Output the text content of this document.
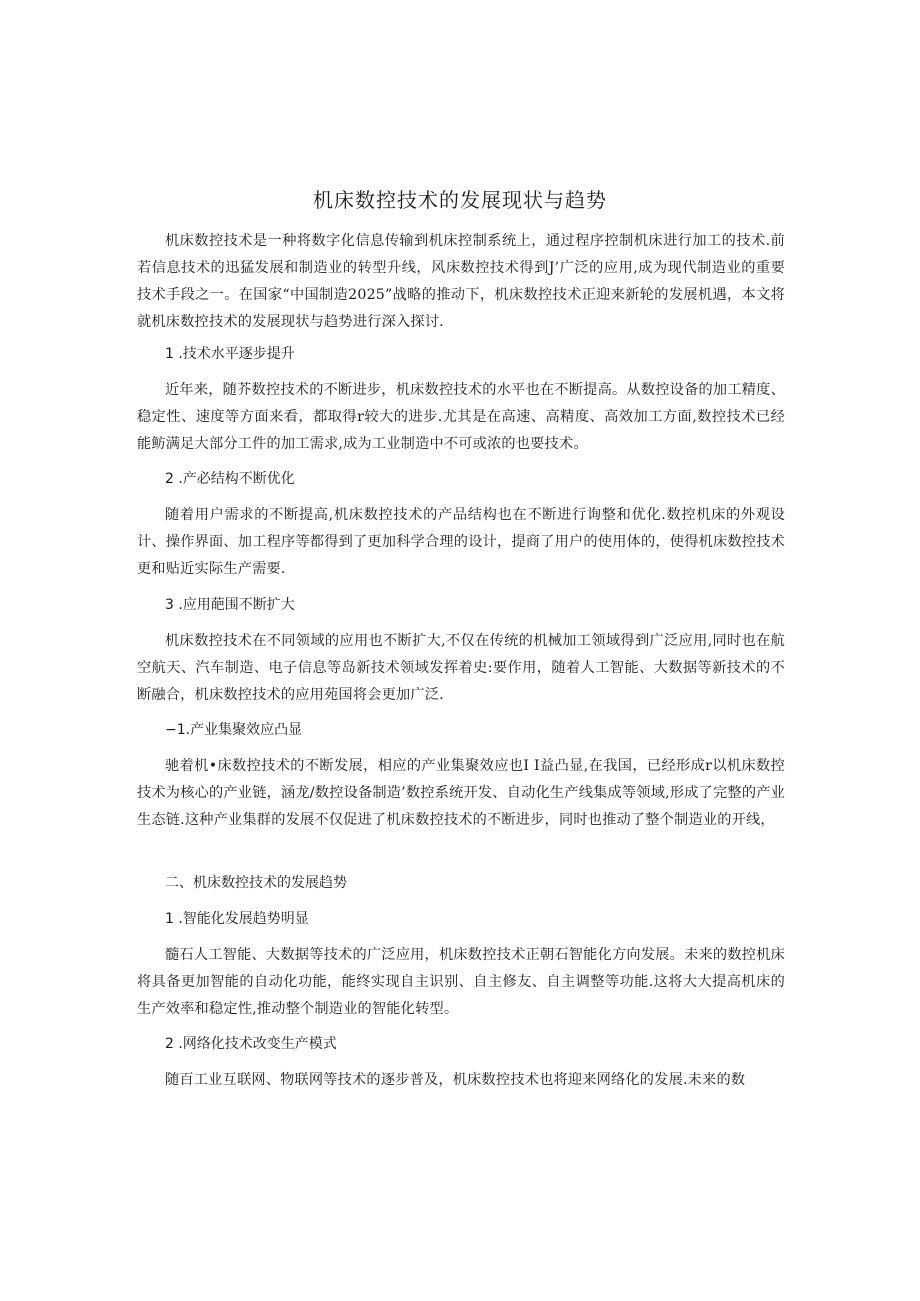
机床数控技术的发展现状与趋势

机床数控技术是一种将数字化信息传输到机床控制系统上，通过程序控制机床进行加工的技术.前若信息技术的迅猛发展和制造业的转型升线，风床数控技术得到J’广泛的应用,成为现代制造业的重要技术手段之一。在国家“中国制造2025”战略的推动下，机床数控技术正迎来新轮的发展机遇，本文将就机床数控技术的发展现状与趋势进行深入探讨.

1 .技术水平逐步提升

近年来，随芥数控技术的不断进步，机床数控技术的水平也在不断提高。从数控设备的加工精度、稳定性、速度等方面来看，都取得r较大的进步.尤其是在高速、高精度、高效加工方面,数控技术已经能鲂满足大部分工件的加工需求,成为工业制造中不可或浓的也要技术。

2 .产必结构不断优化

随着用户需求的不断提高,机床数控技术的产品结构也在不断进行询整和优化.数控机床的外观设计、操作界面、加工程序等都得到了更加科学合理的设计，提商了用户的使用体的，使得机床数控技术更和贴近实际生产需要.

3 .应用葩围不断扩大

机床数控技术在不同领域的应用也不断扩大,不仅在传统的机械加工领域得到广泛应用,同时也在航空航天、汽车制造、电子信息等岛新技术领域发挥着史:要作用，随着人工智能、大数据等新技术的不断融合，机床数控技术的应用苑国将会更加广泛.

−1.产业集聚效应凸显

驰着机•床数控技术的不断发展，相应的产业集聚效应也I I益凸显,在我国，已经形成r以机床数控技术为核心的产业链，涵龙/数控设备制造’数控系统开发、自动化生产线集成等领域,形成了完整的产业生态链.这种产业集群的发展不仅促进了机床数控技术的不断进步，同时也推动了整个制造业的开线，

二、机床数控技术的发展趋势

1 .智能化发展趋势明显

髓石人工智能、大数据等技术的广泛应用，机床数控技术正朝石智能化方向发展。未来的数控机床将具备更加智能的自动化功能，能终实现自主识别、自主修友、自主调整等功能.这将大大提高机床的生产效率和稳定性,推动整个制造业的智能化转型。

2 .网络化技术改变生产模式

随百工业互联网、物联网等技术的逐步普及，机床数控技术也将迎来网络化的发展.未来的数
